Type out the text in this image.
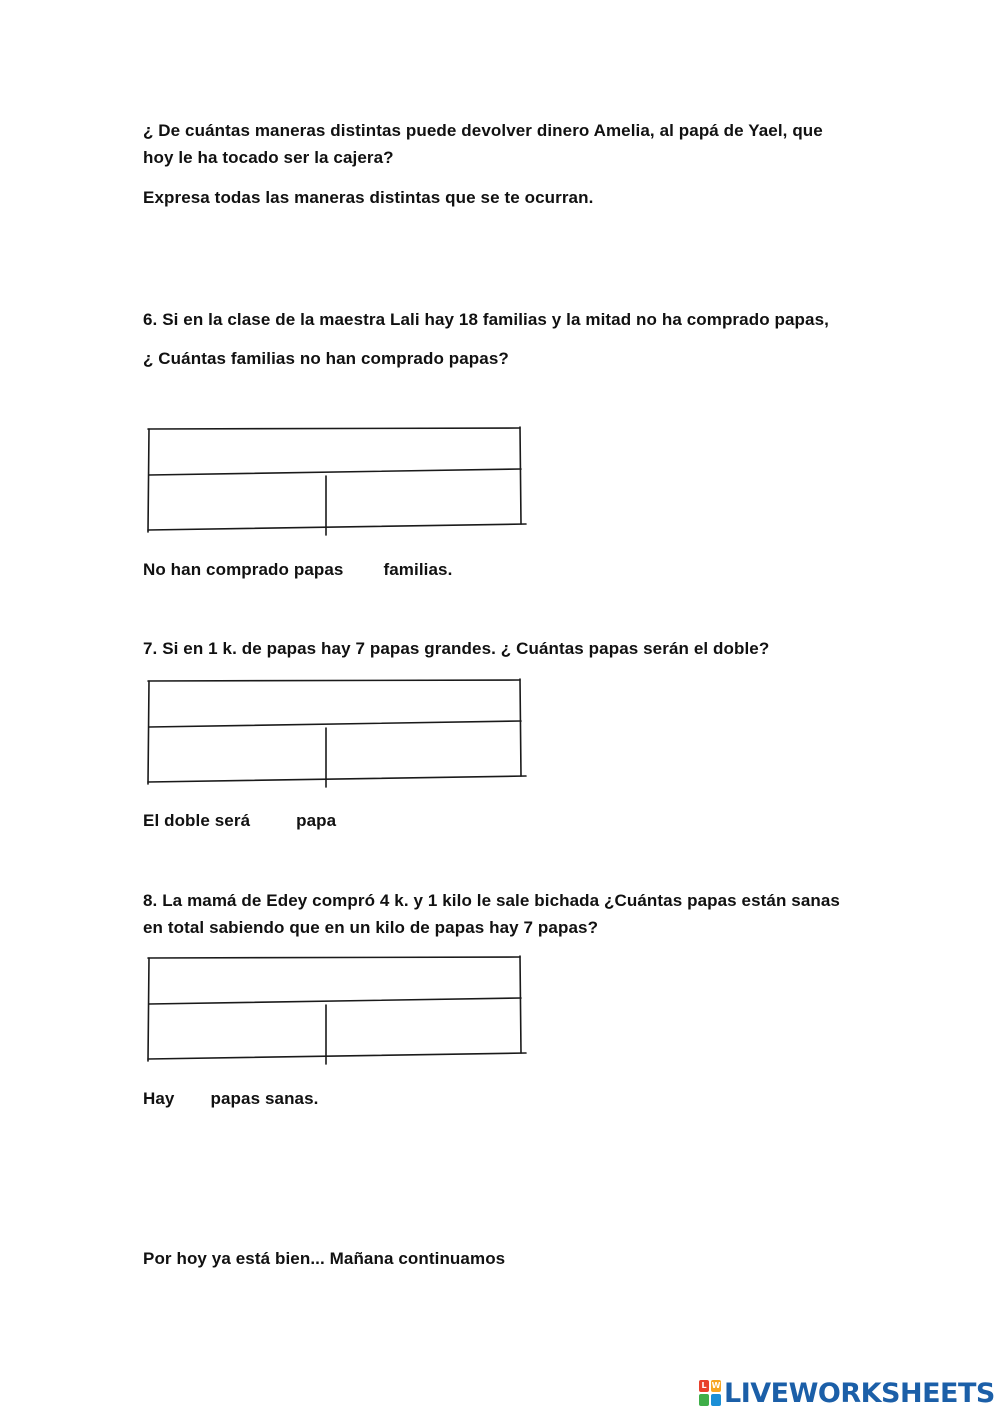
¿ De cuántas maneras distintas puede devolver dinero Amelia, al papá de Yael, que
hoy le ha tocado ser la cajera?
Expresa todas las maneras distintas que se te ocurran.
6. Si en la clase de la maestra Lali hay 18 familias y la mitad no ha comprado papas,
¿ Cuántas familias no han comprado papas?
No han comprado papas familias.
7. Si en 1 k. de papas hay 7 papas grandes. ¿ Cuántas papas serán el doble?
El doble será	papa
8. La mamá de Edey compró 4 k. y 1 kilo le sale bichada ¿Cuántas papas están sanas
en total sabiendo que en un kilo de papas hay 7 papas?
Hay papas sanas.
Por hoy ya está bien... Mañana continuamos
L W LIVEWORKSHEETS
